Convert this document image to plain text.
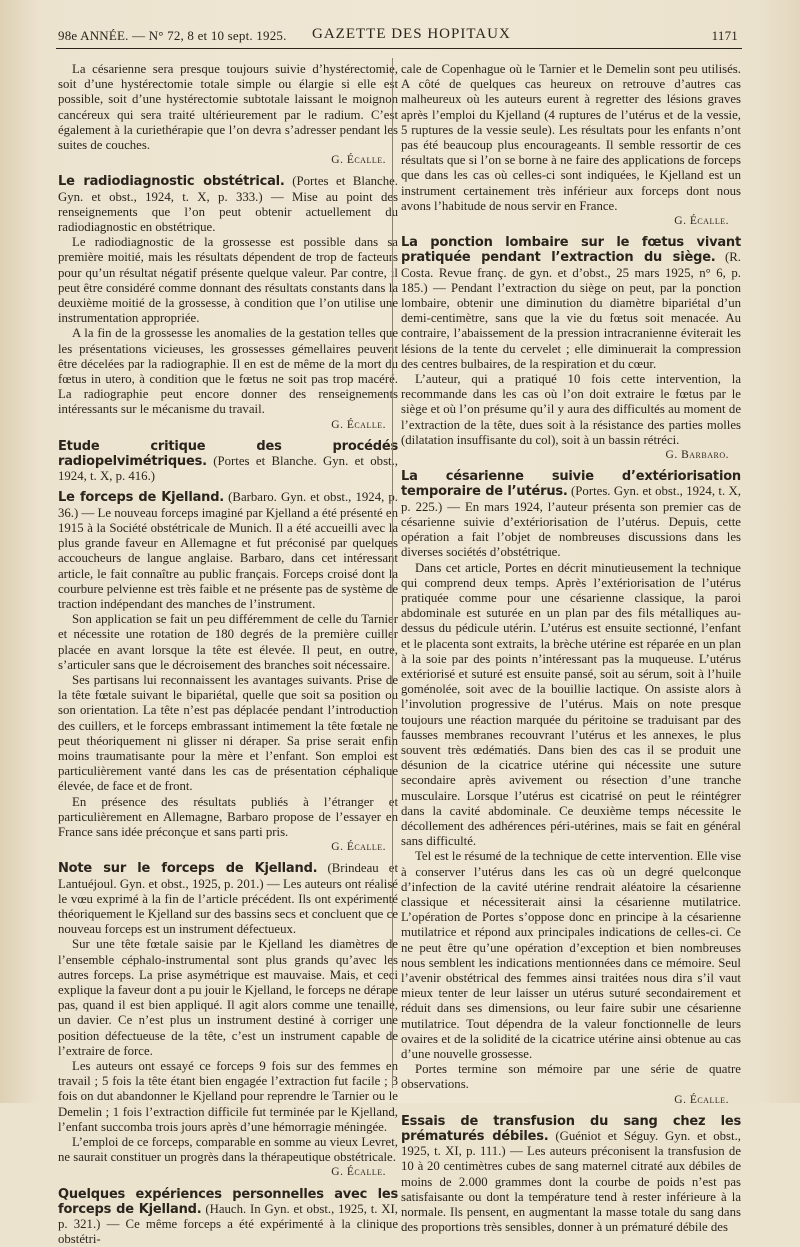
98e ANNÉE. — N° 72, 8 et 10 sept. 1925. GAZETTE DES HOPITAUX	1171

La césarienne sera presque toujours suivie d’hystérectomie, soit d’une hystérectomie totale simple ou élargie si elle est possible, soit d’une hystérectomie subtotale laissant le moignon cancéreux qui sera traité ultérieurement par le radium. C’est également à la curiethérapie que l’on devra s’adresser pendant les suites de couches.

G. Écalle.

Le radiodiagnostic obstétrical. (Portes et Blanche. Gyn. et obst., 1924, t. X, p. 333.) — Mise au point des renseignements que l’on peut obtenir actuellement du radiodiagnostic en obstétrique.

Le radiodiagnostic de la grossesse est possible dans sa première moitié, mais les résultats dépendent de trop de facteurs pour qu’un résultat négatif présente quelque valeur. Par contre, il peut être considéré comme donnant des résultats constants dans la deuxième moitié de la grossesse, à condition que l’on utilise une instrumentation appropriée.

A la fin de la grossesse les anomalies de la gestation telles que les présentations vicieuses, les grossesses gémellaires peuvent être décelées par la radiographie. Il en est de même de la mort du fœtus in utero, à condition que le fœtus ne soit pas trop macéré. La radiographie peut encore donner des renseignements intéressants sur le mécanisme du travail.

G. Écalle.

Etude critique des procédés radiopelvimétriques. (Portes et Blanche. Gyn. et obst., 1924, t. X, p. 416.)

Le forceps de Kjelland. (Barbaro. Gyn. et obst., 1924, p. 36.) — Le nouveau forceps imaginé par Kjelland a été présenté en 1915 à la Société obstétricale de Munich. Il a été accueilli avec la plus grande faveur en Allemagne et fut préconisé par quelques accoucheurs de langue anglaise. Barbaro, dans cet intéressant article, le fait connaître au public français. Forceps croisé dont la courbure pelvienne est très faible et ne présente pas de système de traction indépendant des manches de l’instrument.

Son application se fait un peu différemment de celle du Tarnier et nécessite une rotation de 180 degrés de la première cuiller placée en avant lorsque la tête est élevée. Il peut, en outre, s’articuler sans que le décroisement des branches soit nécessaire.

Ses partisans lui reconnaissent les avantages suivants. Prise de la tête fœtale suivant le bipariétal, quelle que soit sa position ou son orientation. La tête n’est pas déplacée pendant l’introduction des cuillers, et le forceps embrassant intimement la tête fœtale ne peut théoriquement ni glisser ni déraper. Sa prise serait enfin moins traumatisante pour la mère et l’enfant. Son emploi est particulièrement vanté dans les cas de présentation céphalique élevée, de face et de front.

En présence des résultats publiés à l’étranger et particulièrement en Allemagne, Barbaro propose de l’essayer en France sans idée préconçue et sans parti pris.

G. Écalle.

Note sur le forceps de Kjelland. (Brindeau et Lantuéjoul. Gyn. et obst., 1925, p. 201.) — Les auteurs ont réalisé le vœu exprimé à la fin de l’article précédent. Ils ont expérimenté théoriquement le Kjelland sur des bassins secs et concluent que ce nouveau forceps est un instrument défectueux.

Sur une tête fœtale saisie par le Kjelland les diamètres de l’ensemble céphalo-instrumental sont plus grands qu’avec les autres forceps. La prise asymétrique est mauvaise. Mais, et ceci explique la faveur dont a pu jouir le Kjelland, le forceps ne dérape pas, quand il est bien appliqué. Il agit alors comme une tenaille, un davier. Ce n’est plus un instrument destiné à corriger une position défectueuse de la tête, c’est un instrument capable de l’extraire de force.

Les auteurs ont essayé ce forceps 9 fois sur des femmes en travail ; 5 fois la tête étant bien engagée l’extraction fut facile ; 3 fois on dut abandonner le Kjelland pour reprendre le Tarnier ou le Demelin ; 1 fois l’extraction difficile fut terminée par le Kjelland, l’enfant succomba trois jours après d’une hémorragie méningée.

L’emploi de ce forceps, comparable en somme au vieux Levret, ne saurait constituer un progrès dans la thérapeutique obstétricale.

G. Écalle.

Quelques expériences personnelles avec les forceps de Kjelland. (Hauch. In Gyn. et obst., 1925, t. XI, p. 321.) — Ce même forceps a été expérimenté à la clinique obstétri-

cale de Copenhague où le Tarnier et le Demelin sont peu utilisés. A côté de quelques cas heureux on retrouve d’autres cas malheureux où les auteurs eurent à regretter des lésions graves après l’emploi du Kjelland (4 ruptures de l’utérus et de la vessie, 5 ruptures de la vessie seule). Les résultats pour les enfants n’ont pas été beaucoup plus encourageants. Il semble ressortir de ces résultats que si l’on se borne à ne faire des applications de forceps que dans les cas où celles-ci sont indiquées, le Kjelland est un instrument certainement très inférieur aux forceps dont nous avons l’habitude de nous servir en France.

G. Écalle.

La ponction lombaire sur le fœtus vivant pratiquée pendant l’extraction du siège. (R. Costa. Revue franç. de gyn. et d’obst., 25 mars 1925, n° 6, p. 185.) — Pendant l’extraction du siège on peut, par la ponction lombaire, obtenir une diminution du diamètre bipariétal d’un demi-centimètre, sans que la vie du fœtus soit menacée. Au contraire, l’abaissement de la pression intracranienne éviterait les lésions de la tente du cervelet ; elle diminuerait la compression des centres bulbaires, de la respiration et du cœur.

L’auteur, qui a pratiqué 10 fois cette intervention, la recommande dans les cas où l’on doit extraire le fœtus par le siège et où l’on présume qu’il y aura des difficultés au moment de l’extraction de la tête, dues soit à la résistance des parties molles (dilatation insuffisante du col), soit à un bassin rétréci.

G. Barbaro.

La césarienne suivie d’extériorisation temporaire de l’utérus. (Portes. Gyn. et obst., 1924, t. X, p. 225.) — En mars 1924, l’auteur présenta son premier cas de césarienne suivie d’extériorisation de l’utérus. Depuis, cette opération a fait l’objet de nombreuses discussions dans les diverses sociétés d’obstétrique.

Dans cet article, Portes en décrit minutieusement la technique qui comprend deux temps. Après l’extériorisation de l’utérus pratiquée comme pour une césarienne classique, la paroi abdominale est suturée en un plan par des fils métalliques au-dessus du pédicule utérin. L’utérus est ensuite sectionné, l’enfant et le placenta sont extraits, la brèche utérine est réparée en un plan à la soie par des points n’intéressant pas la muqueuse. L’utérus extériorisé et suturé est ensuite pansé, soit au sérum, soit à l’huile goménolée, soit avec de la bouillie lactique. On assiste alors à l’involution progressive de l’utérus. Mais on note presque toujours une réaction marquée du péritoine se traduisant par des fausses membranes recouvrant l’utérus et les annexes, le plus souvent très œdématiés. Dans bien des cas il se produit une désunion de la cicatrice utérine qui nécessite une suture secondaire après avivement ou résection d’une tranche musculaire. Lorsque l’utérus est cicatrisé on peut le réintégrer dans la cavité abdominale. Ce deuxième temps nécessite le décollement des adhérences péri-utérines, mais se fait en général sans difficulté.

Tel est le résumé de la technique de cette intervention. Elle vise à conserver l’utérus dans les cas où un degré quelconque d’infection de la cavité utérine rendrait aléatoire la césarienne classique et nécessiterait ainsi la césarienne mutilatrice. L’opération de Portes s’oppose donc en principe à la césarienne mutilatrice et répond aux principales indications de celles-ci. Ce ne peut être qu’une opération d’exception et bien nombreuses nous semblent les indications mentionnées dans ce mémoire. Seul l’avenir obstétrical des femmes ainsi traitées nous dira s’il vaut mieux tenter de leur laisser un utérus suturé secondairement et réduit dans ses dimensions, ou leur faire subir une césarienne mutilatrice. Tout dépendra de la valeur fonctionnelle de leurs ovaires et de la solidité de la cicatrice utérine ainsi obtenue au cas d’une nouvelle grossesse.

Portes termine son mémoire par une série de quatre observations.

G. Écalle.

Essais de transfusion du sang chez les prématurés débiles. (Guéniot et Séguy. Gyn. et obst., 1925, t. XI, p. 111.) — Les auteurs préconisent la transfusion de 10 à 20 centimètres cubes de sang maternel citraté aux débiles de moins de 2.000 grammes dont la courbe de poids n’est pas satisfaisante ou dont la température tend à rester inférieure à la normale. Ils pensent, en augmentant la masse totale du sang dans des proportions très sensibles, donner à un prématuré débile des
